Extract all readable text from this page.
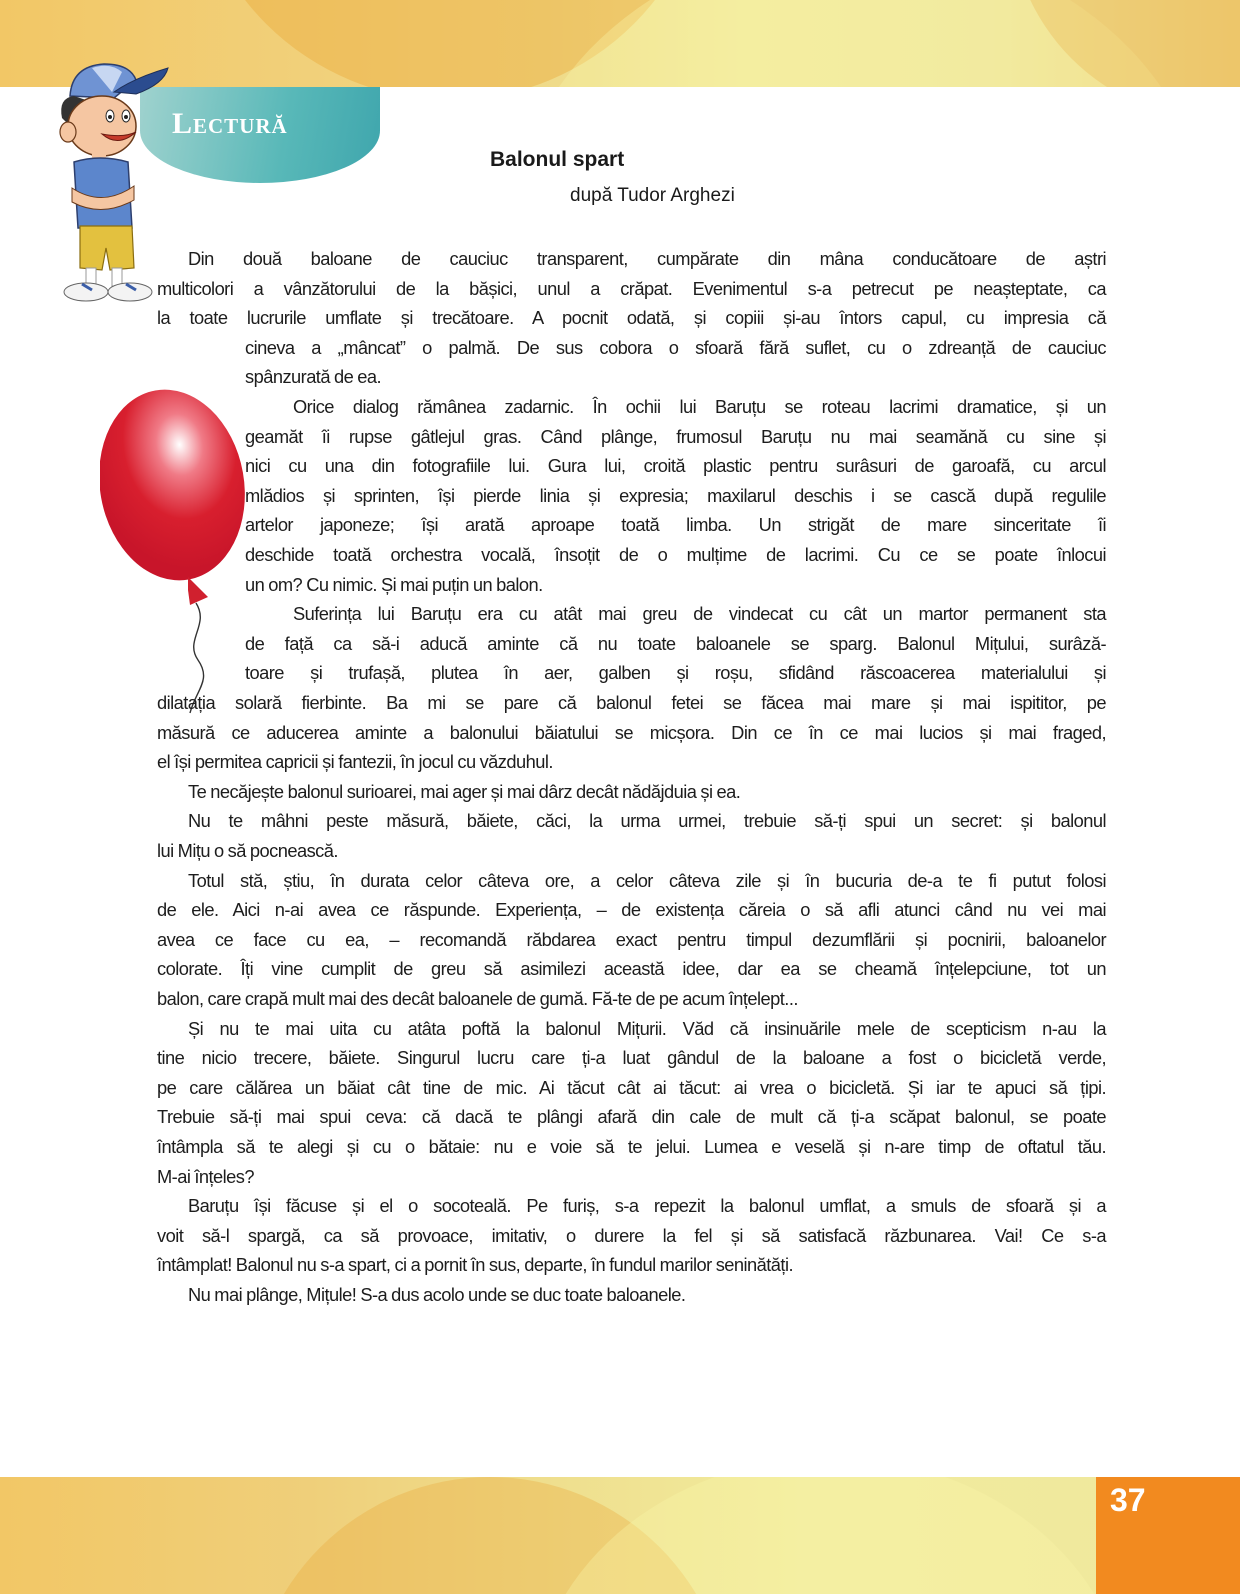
Lectură
Balonul spart
după Tudor Arghezi
Din două baloane de cauciuc transparent, cumpărate din mâna conducătoare de aștri
multicolori a vânzătorului de la bășici, unul a crăpat. Evenimentul s-a petrecut pe neașteptate, ca
la toate lucrurile umflate și trecătoare. A pocnit odată, și copiii și-au întors capul, cu impresia că
cineva a „mâncat” o palmă. De sus cobora o sfoară fără suflet, cu o zdreanță de cauciuc
spânzurată de ea.
Orice dialog rămânea zadarnic. În ochii lui Baruțu se roteau lacrimi dramatice, și un
geamăt îi rupse gâtlejul gras. Când plânge, frumosul Baruțu nu mai seamănă cu sine și
nici cu una din fotografiile lui. Gura lui, croită plastic pentru surâsuri de garoafă, cu arcul
mlădios și sprinten, își pierde linia și expresia; maxilarul deschis i se cască după regulile
artelor japoneze; își arată aproape toată limba. Un strigăt de mare sinceritate îi
deschide toată orchestra vocală, însoțit de o mulțime de lacrimi. Cu ce se poate înlocui
un om? Cu nimic. Și mai puțin un balon.
Suferința lui Baruțu era cu atât mai greu de vindecat cu cât un martor permanent sta
de față ca să-i aducă aminte că nu toate baloanele se sparg. Balonul Mițului, surâză-
toare și trufașă, plutea în aer, galben și roșu, sfidând răscoacerea materialului și
dilatația solară fierbinte. Ba mi se pare că balonul fetei se făcea mai mare și mai ispititor, pe
măsură ce aducerea aminte a balonului băiatului se micșora. Din ce în ce mai lucios și mai fraged,
el își permitea capricii și fantezii, în jocul cu văzduhul.
Te necăjește balonul surioarei, mai ager și mai dârz decât nădăjduia și ea.
Nu te mâhni peste măsură, băiete, căci, la urma urmei, trebuie să-ți spui un secret: și balonul
lui Mițu o să pocnească.
Totul stă, știu, în durata celor câteva ore, a celor câteva zile și în bucuria de-a te fi putut folosi
de ele. Aici n-ai avea ce răspunde. Experiența, – de existența căreia o să afli atunci când nu vei mai
avea ce face cu ea, – recomandă răbdarea exact pentru timpul dezumflării și pocnirii, baloanelor
colorate. Îți vine cumplit de greu să asimilezi această idee, dar ea se cheamă înțelepciune, tot un
balon, care crapă mult mai des decât baloanele de gumă. Fă-te de pe acum înțelept...
Și nu te mai uita cu atâta poftă la balonul Mițurii. Văd că insinuările mele de scepticism n-au la
tine nicio trecere, băiete. Singurul lucru care ți-a luat gândul de la baloane a fost o bicicletă verde,
pe care călărea un băiat cât tine de mic. Ai tăcut cât ai tăcut: ai vrea o bicicletă. Și iar te apuci să țipi.
Trebuie să-ți mai spui ceva: că dacă te plângi afară din cale de mult că ți-a scăpat balonul, se poate
întâmpla să te alegi și cu o bătaie: nu e voie să te jelui. Lumea e veselă și n-are timp de oftatul tău.
M-ai înțeles?
Baruțu își făcuse și el o socoteală. Pe furiș, s-a repezit la balonul umflat, a smuls de sfoară și a
voit să-l spargă, ca să provoace, imitativ, o durere la fel și să satisfacă răzbunarea. Vai! Ce s-a
întâmplat! Balonul nu s-a spart, ci a pornit în sus, departe, în fundul marilor seninătăți.
Nu mai plânge, Mițule! S-a dus acolo unde se duc toate baloanele.
37
